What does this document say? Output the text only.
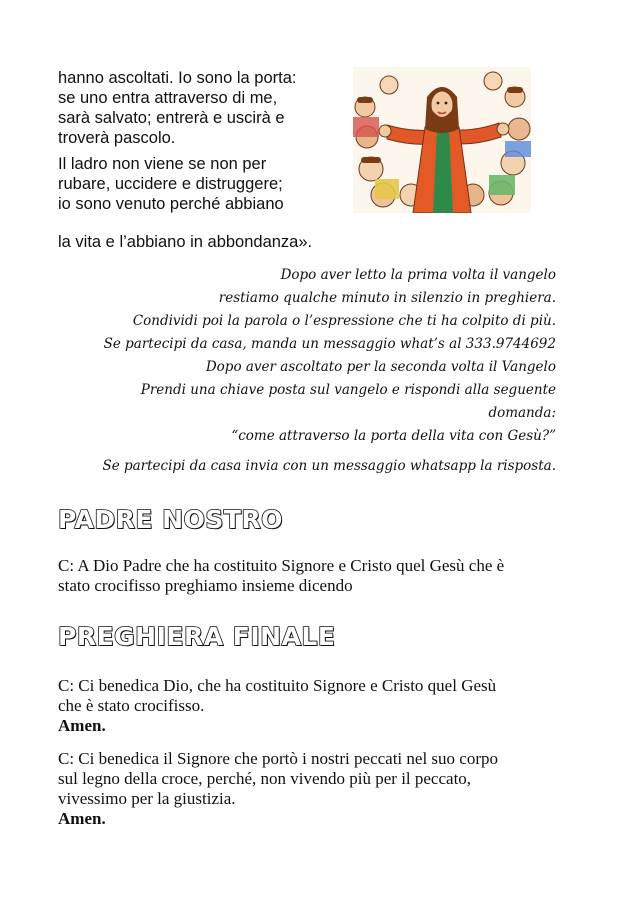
hanno ascoltati. Io sono la porta:
se uno entra attraverso di me,
sarà salvato; entrerà e uscirà e
troverà pascolo.

Il ladro non viene se non per
rubare, uccidere e distruggere;
io sono venuto perché abbiano

la vita e l’abbiano in abbondanza».
Dopo aver letto la prima volta il vangelo
restiamo qualche minuto in silenzio in preghiera.
Condividi poi la parola o l’espressione che ti ha colpito di più.
Se partecipi da casa, manda un messaggio what’s al 333.9744692
Dopo aver ascoltato per la seconda volta il Vangelo
Prendi una chiave posta sul vangelo e rispondi alla seguente domanda:
“come attraverso la porta della vita con Gesù?”
Se partecipi da casa invia con un messaggio whatsapp la risposta.
PADRE NOSTRO

C: A Dio Padre che ha costituito Signore e Cristo quel Gesù che è
stato crocifisso preghiamo insieme dicendo

PREGHIERA FINALE

C: Ci benedica Dio, che ha costituito Signore e Cristo quel Gesù
che è stato crocifisso.

Amen.

C: Ci benedica il Signore che portò i nostri peccati nel suo corpo
sul legno della croce, perché, non vivendo più per il peccato,
vivessimo per la giustizia.

Amen.
